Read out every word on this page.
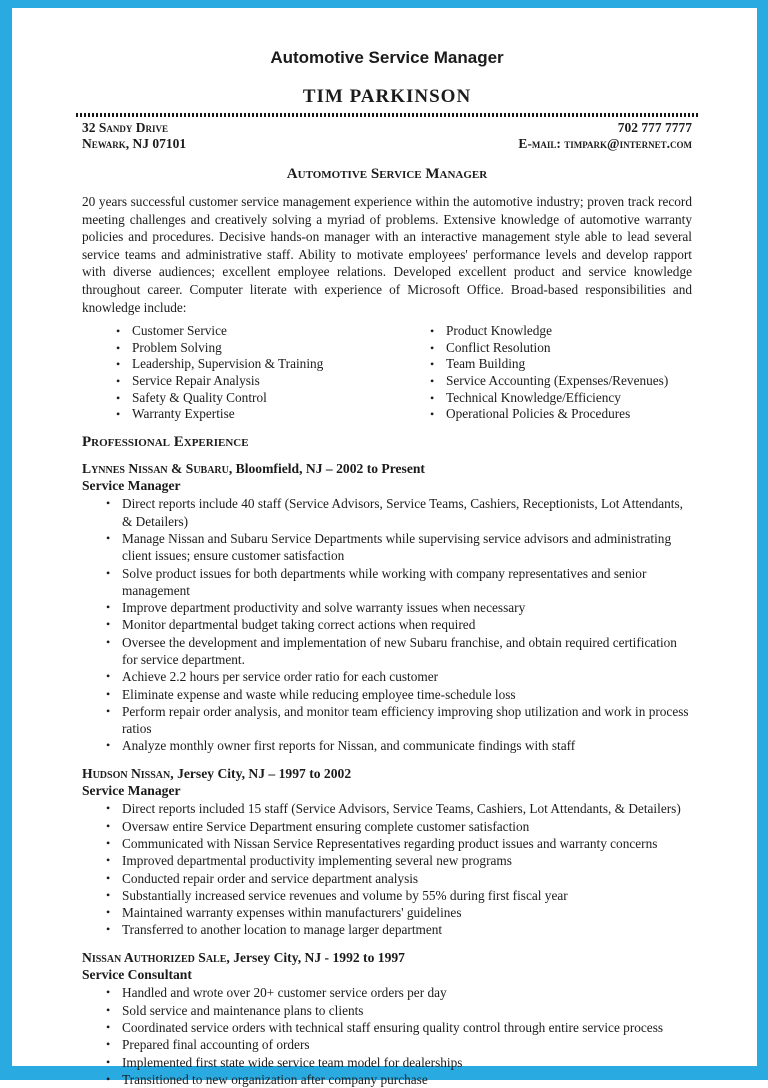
Automotive Service Manager
TIM PARKINSON
32 Sandy Drive
Newark, NJ 07101
702 777 7777
E-mail: timpark@internet.com
Automotive Service Manager

20 years successful customer service management experience within the automotive industry; proven track record meeting challenges and creatively solving a myriad of problems. Extensive knowledge of automotive warranty policies and procedures. Decisive hands-on manager with an interactive management style able to lead several service teams and administrative staff. Ability to motivate employees' performance levels and develop rapport with diverse audiences; excellent employee relations. Developed excellent product and service knowledge throughout career. Computer literate with experience of Microsoft Office. Broad-based responsibilities and knowledge include:

• Customer Service
• Problem Solving
• Leadership, Supervision & Training
• Service Repair Analysis
• Safety & Quality Control
• Warranty Expertise
• Product Knowledge
• Conflict Resolution
• Team Building
• Service Accounting (Expenses/Revenues)
• Technical Knowledge/Efficiency
• Operational Policies & Procedures
Professional Experience
Lynnes Nissan & Subaru, Bloomfield, NJ – 2002 to Present
Service Manager
• Direct reports include 40 staff (Service Advisors, Service Teams, Cashiers, Receptionists, Lot Attendants, & Detailers)
• Manage Nissan and Subaru Service Departments while supervising service advisors and administrating client issues; ensure customer satisfaction
• Solve product issues for both departments while working with company representatives and senior management
• Improve department productivity and solve warranty issues when necessary
• Monitor departmental budget taking correct actions when required
• Oversee the development and implementation of new Subaru franchise, and obtain required certification for service department.
• Achieve 2.2 hours per service order ratio for each customer
• Eliminate expense and waste while reducing employee time-schedule loss
• Perform repair order analysis, and monitor team efficiency improving shop utilization and work in process ratios
• Analyze monthly owner first reports for Nissan, and communicate findings with staff
Hudson Nissan, Jersey City, NJ – 1997 to 2002
Service Manager
• Direct reports included 15 staff (Service Advisors, Service Teams, Cashiers, Lot Attendants, & Detailers)
• Oversaw entire Service Department ensuring complete customer satisfaction
• Communicated with Nissan Service Representatives regarding product issues and warranty concerns
• Improved departmental productivity implementing several new programs
• Conducted repair order and service department analysis
• Substantially increased service revenues and volume by 55% during first fiscal year
• Maintained warranty expenses within manufacturers' guidelines
• Transferred to another location to manage larger department
Nissan Authorized Sale, Jersey City, NJ - 1992 to 1997
Service Consultant
• Handled and wrote over 20+ customer service orders per day
• Sold service and maintenance plans to clients
• Coordinated service orders with technical staff ensuring quality control through entire service process
• Prepared final accounting of orders
• Implemented first state wide service team model for dealerships
• Transitioned to new organization after company purchase
